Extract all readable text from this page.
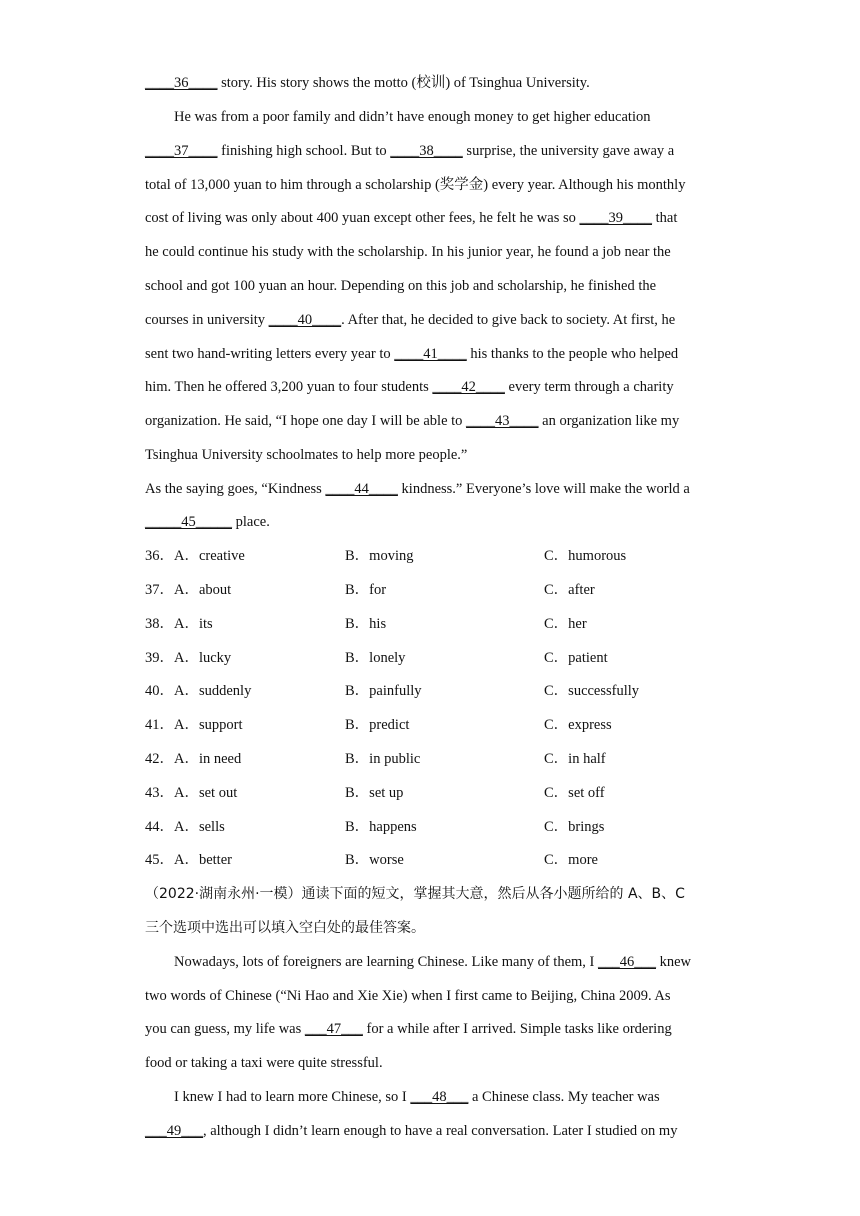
____36____ story. His story shows the motto (校训) of Tsinghua University.
He was from a poor family and didn’t have enough money to get higher education
____37____ finishing high school. But to ____38____ surprise, the university gave away a
total of 13,000 yuan to him through a scholarship (奖学金) every year. Although his monthly
cost of living was only about 400 yuan except other fees, he felt he was so ____39____ that
he could continue his study with the scholarship. In his junior year, he found a job near the
school and got 100 yuan an hour. Depending on this job and scholarship, he finished the
courses in university ____40____. After that, he decided to give back to society. At first, he
sent two hand-writing letters every year to ____41____ his thanks to the people who helped
him. Then he offered 3,200 yuan to four students ____42____ every term through a charity
organization. He said, “I hope one day I will be able to ____43____ an organization like my
Tsinghua University schoolmates to help more people.”
As the saying goes, “Kindness ____44____ kindness.” Everyone’s love will make the world a
_____45_____ place.
36．A．creative	B．moving	C．humorous
37．A．about	B．for	C．after
38．A．its	B．his	C．her
39．A．lucky	B．lonely	C．patient
40．A．suddenly	B．painfully	C．successfully
41．A．support	B．predict	C．express
42．A．in need	B．in public	C．in half
43．A．set out	B．set up	C．set off
44．A．sells	B．happens	C．brings
45．A．better	B．worse	C．more
（2022·湖南永州·一模）通读下面的短文，掌握其大意，然后从各小题所给的 A、B、C
三个选项中选出可以填入空白处的最佳答案。
Nowadays, lots of foreigners are learning Chinese. Like many of them, I ___46___ knew
two words of Chinese (“Ni Hao and Xie Xie) when I first came to Beijing, China 2009. As
you can guess, my life was ___47___ for a while after I arrived. Simple tasks like ordering
food or taking a taxi were quite stressful.
I knew I had to learn more Chinese, so I ___48___ a Chinese class. My teacher was
___49___, although I didn’t learn enough to have a real conversation. Later I studied on my
